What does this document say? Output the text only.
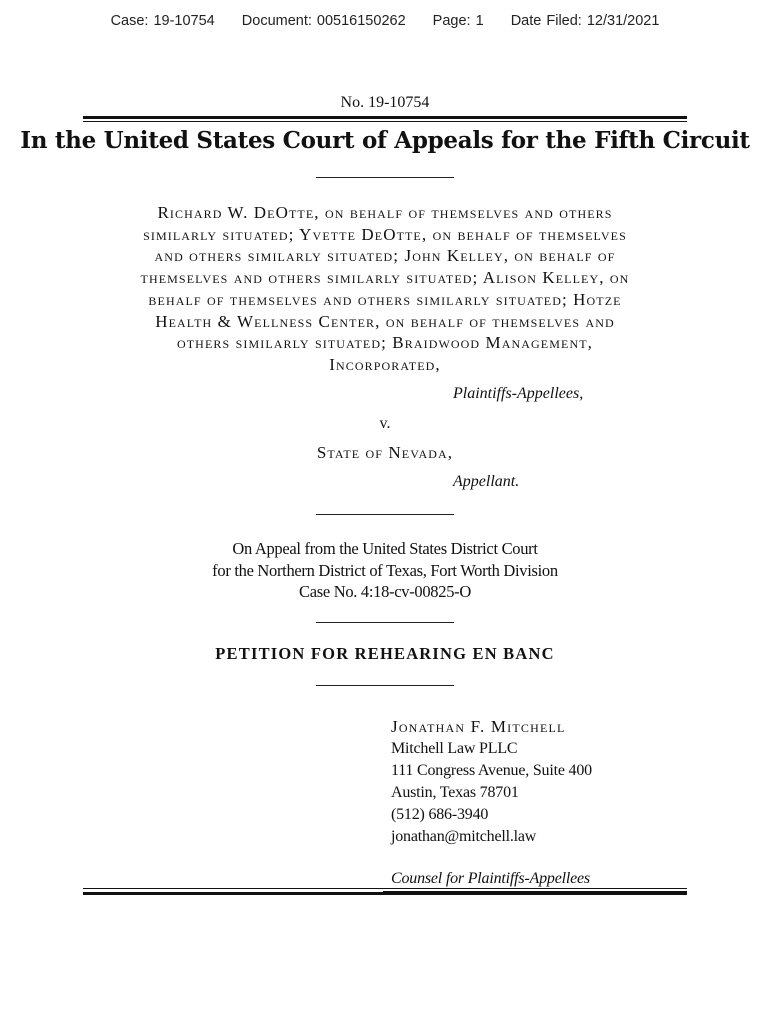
Case: 19-10754 Document: 00516150262 Page: 1 Date Filed: 12/31/2021
No. 19-10754
In the United States Court of Appeals for the Fifth Circuit
Richard W. DeOtte, on behalf of themselves and others
similarly situated; Yvette DeOtte, on behalf of themselves
and others similarly situated; John Kelley, on behalf of
themselves and others similarly situated; Alison Kelley, on
behalf of themselves and others similarly situated; Hotze
Health & Wellness Center, on behalf of themselves and
others similarly situated; Braidwood Management,
Incorporated,
Plaintiffs-Appellees,
v.
State of Nevada,
Appellant.
On Appeal from the United States District Court
for the Northern District of Texas, Fort Worth Division
Case No. 4:18-cv-00825-O
PETITION FOR REHEARING EN BANC
Jonathan F. Mitchell
Mitchell Law PLLC
111 Congress Avenue, Suite 400
Austin, Texas 78701
(512) 686-3940
jonathan@mitchell.law
Counsel for Plaintiffs-Appellees
